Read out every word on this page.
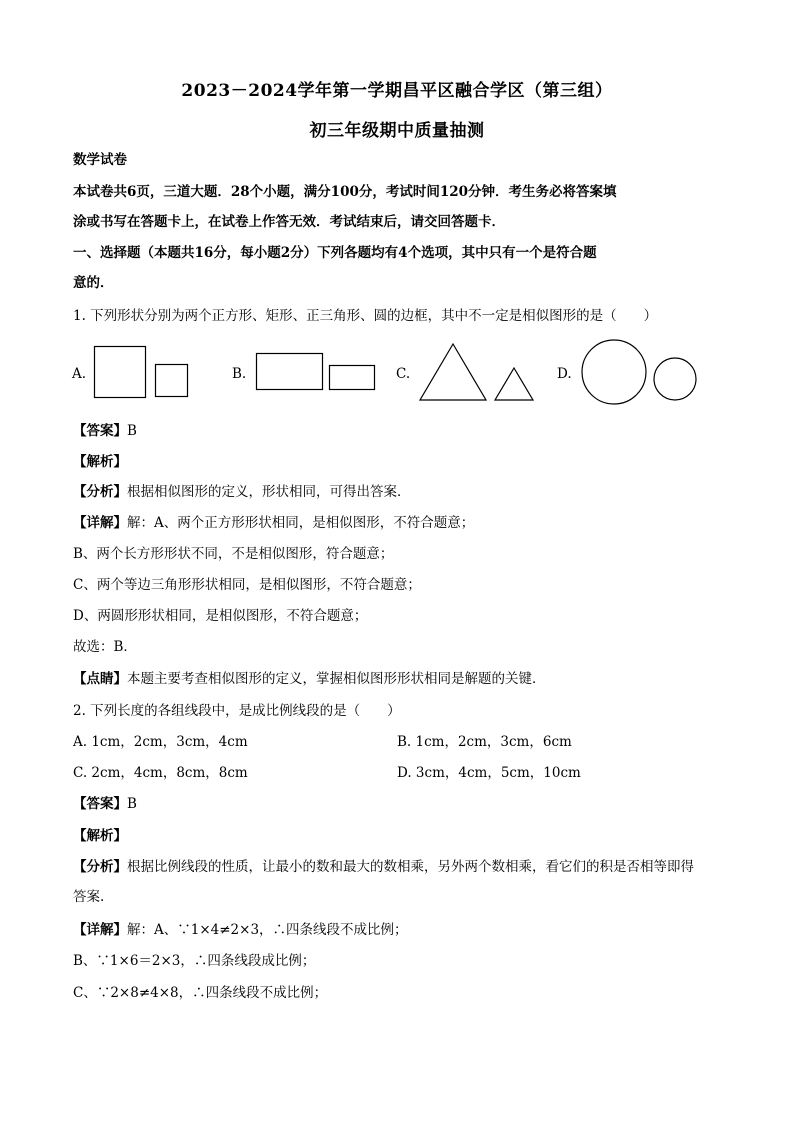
2023－2024学年第一学期昌平区融合学区（第三组）
初三年级期中质量抽测
数学试卷
本试卷共6页，三道大题．28个小题，满分100分，考试时间120分钟．考生务必将答案填
涂或书写在答题卡上，在试卷上作答无效．考试结束后，请交回答题卡．
一、选择题（本题共16分，每小题2分）下列各题均有4个选项，其中只有一个是符合题
意的．
1. 下列形状分别为两个正方形、矩形、正三角形、圆的边框，其中不一定是相似图形的是（　　）
A.	B.	C.	D.
【答案】B
【解析】
【分析】根据相似图形的定义，形状相同，可得出答案．
【详解】解：A、两个正方形形状相同，是相似图形，不符合题意；
B、两个长方形形状不同，不是相似图形，符合题意；
C、两个等边三角形形状相同，是相似图形，不符合题意；
D、两圆形形状相同，是相似图形，不符合题意；
故选：B．
【点睛】本题主要考查相似图形的定义，掌握相似图形形状相同是解题的关键．
2. 下列长度的各组线段中，是成比例线段的是（　　）
A. 1cm，2cm，3cm，4cm	B. 1cm，2cm，3cm，6cm
C. 2cm，4cm，8cm，8cm	D. 3cm，4cm，5cm，10cm
【答案】B
【解析】
【分析】根据比例线段的性质，让最小的数和最大的数相乘，另外两个数相乘，看它们的积是否相等即得
答案.
【详解】解：A、∵1×4≠2×3，∴四条线段不成比例；
B、∵1×6＝2×3，∴四条线段成比例；
C、∵2×8≠4×8，∴四条线段不成比例；
